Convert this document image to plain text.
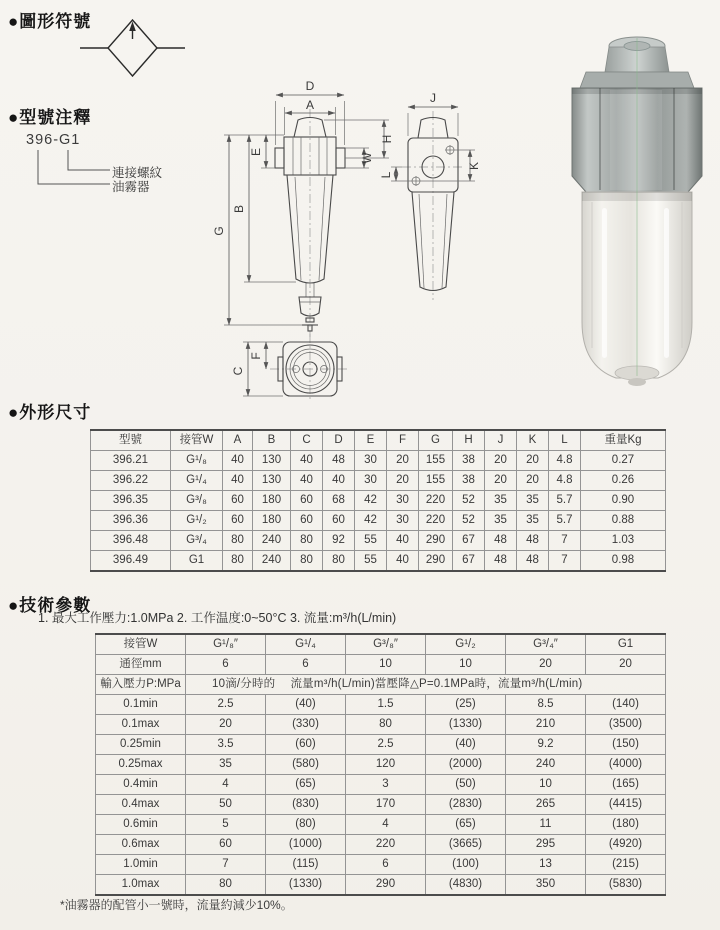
●圖形符號
●型號注釋
●外形尺寸
●技術參數
396-G1
連接螺紋
油霧器
D
A
E
B
G
W
H
C
F
J
K
L
型號	接管W	A	B	C	D	E	F	G	H	J	K	L	重量Kg
396.21	G¹/₈	40	130	40	48	30	20	155	38	20	20	4.8	0.27
396.22	G¹/₄	40	130	40	40	30	20	155	38	20	20	4.8	0.26
396.35	G³/₈	60	180	60	68	42	30	220	52	35	35	5.7	0.90
396.36	G¹/₂	60	180	60	60	42	30	220	52	35	35	5.7	0.88
396.48	G³/₄	80	240	80	92	55	40	290	67	48	48	7	1.03
396.49	G1	80	240	80	80	55	40	290	67	48	48	7	0.98
1. 最大工作壓力:1.0MPa 2. 工作温度:0~50°C 3. 流量:m³/h(L/min)
接管W	G¹/₈″	G¹/₄	G³/₈″	G¹/₂	G³/₄″	G1
通徑mm	6	6	10	10	20	20
輸入壓力P:MPa	10滴/分時的　 流量m³/h(L/min)當壓降△P=0.1MPa時，流量m³/h(L/min)					
0.1min	2.5	(40)	1.5	(25)	8.5	(140)
0.1max	20	(330)	80	(1330)	210	(3500)
0.25min	3.5	(60)	2.5	(40)	9.2	(150)
0.25max	35	(580)	120	(2000)	240	(4000)
0.4min	4	(65)	3	(50)	10	(165)
0.4max	50	(830)	170	(2830)	265	(4415)
0.6min	5	(80)	4	(65)	11	(180)
0.6max	60	(1000)	220	(3665)	295	(4920)
1.0min	7	(115)	6	(100)	13	(215)
1.0max	80	(1330)	290	(4830)	350	(5830)
*油霧器的配管小一號時，流量約減少10%。
